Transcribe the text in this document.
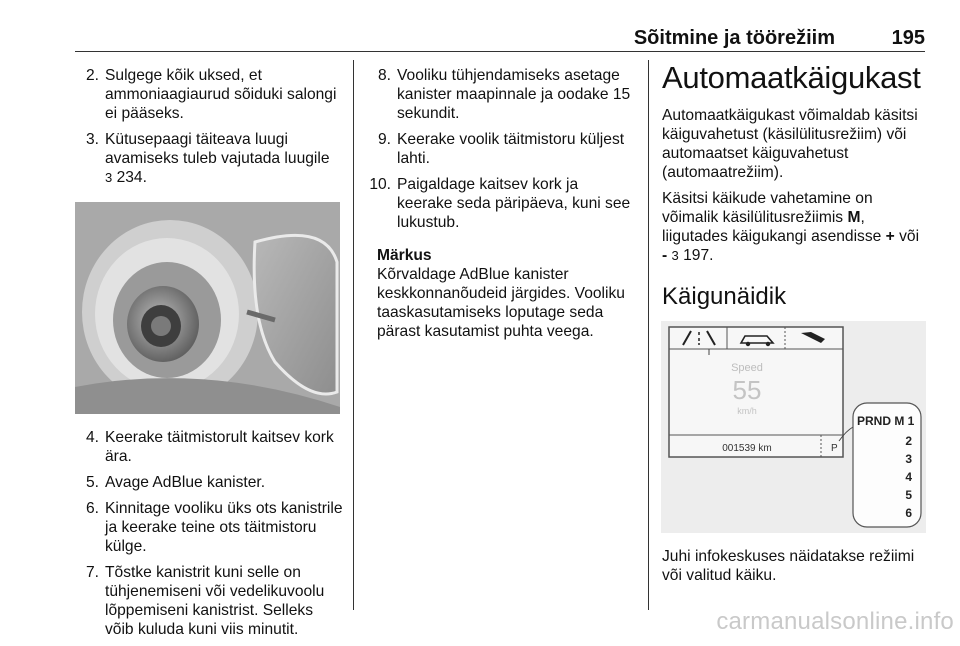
Sõitmine ja töörežiim	195
2. Sulgege kõik uksed, et ammoniaagiaurud sõiduki salongi ei pääseks.
3. Kütusepaagi täiteava luugi avamiseks tuleb vajutada luugile
3 234.
4. Keerake täitmistorult kaitsev kork ära.
5. Avage AdBlue kanister.
6. Kinnitage vooliku üks ots kanistrile ja keerake teine ots täitmistoru külge.
7. Tõstke kanistrit kuni selle on tühjenemiseni või vedelikuvoolu lõppemiseni kanistrist. Selleks võib kuluda kuni viis minutit.
8. Vooliku tühjendamiseks asetage kanister maapinnale ja oodake 15 sekundit.
9. Keerake voolik täitmistoru küljest lahti.
10. Paigaldage kaitsev kork ja keerake seda päripäeva, kuni see lukustub.
Märkus
Kõrvaldage AdBlue kanister keskkonnanõudeid järgides. Vooliku taaskasutamiseks loputage seda pärast kasutamist puhta veega.
Automaatkäigukast

Automaatkäigukast võimaldab käsitsi käiguvahetust (käsilülitusrežiim) või automaatset käiguvahetust (automaatrežiim).

Käsitsi käikude vahetamine on võimalik käsilülitusrežiimis M, liigutades käigukangi asendisse + või
- 3 197.

Käigunäidik
Speed
55
km/h
001539 km	P
PRND M 1
2
3
4
5
6

Juhi infokeskuses näidatakse režiimi või valitud käiku.

carmanualsonline.info
